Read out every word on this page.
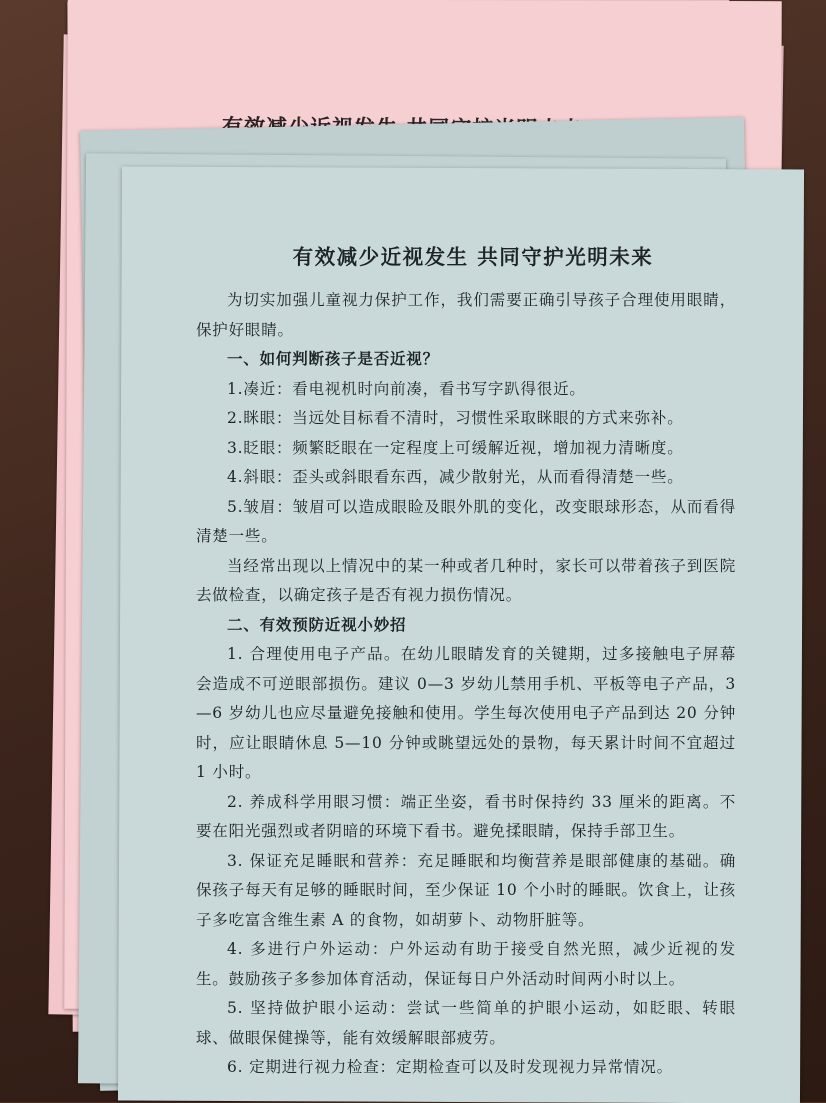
有效减少近视发生 共同守护光明未来

为切实加强儿童视力保护工作，我们需要正确引导孩子合理使用眼睛，保护好眼睛。

一、如何判断孩子是否近视？

1.凑近：看电视机时向前凑，看书写字趴得很近。

2.眯眼：当远处目标看不清时，习惯性采取眯眼的方式来弥补。

3.眨眼：频繁眨眼在一定程度上可缓解近视，增加视力清晰度。

4.斜眼：歪头或斜眼看东西，减少散射光，从而看得清楚一些。

5.皱眉：皱眉可以造成眼睑及眼外肌的变化，改变眼球形态，从而看得清楚一些。

当经常出现以上情况中的某一种或者几种时，家长可以带着孩子到医院去做检查，以确定孩子是否有视力损伤情况。

二、有效预防近视小妙招

1. 合理使用电子产品。在幼儿眼睛发育的关键期，过多接触电子屏幕会造成不可逆眼部损伤。建议 0—3 岁幼儿禁用手机、平板等电子产品，3—6 岁幼儿也应尽量避免接触和使用。学生每次使用电子产品到达 20 分钟时，应让眼睛休息 5—10 分钟或眺望远处的景物，每天累计时间不宜超过 1 小时。

2. 养成科学用眼习惯：端正坐姿，看书时保持约 33 厘米的距离。不要在阳光强烈或者阴暗的环境下看书。避免揉眼睛，保持手部卫生。

3. 保证充足睡眠和营养：充足睡眠和均衡营养是眼部健康的基础。确保孩子每天有足够的睡眠时间，至少保证 10 个小时的睡眠。饮食上，让孩子多吃富含维生素 A 的食物，如胡萝卜、动物肝脏等。

4. 多进行户外运动：户外运动有助于接受自然光照，减少近视的发生。鼓励孩子多参加体育活动，保证每日户外活动时间两小时以上。

5. 坚持做护眼小运动：尝试一些简单的护眼小运动，如眨眼、转眼球、做眼保健操等，能有效缓解眼部疲劳。

6. 定期进行视力检查：定期检查可以及时发现视力异常情况。
